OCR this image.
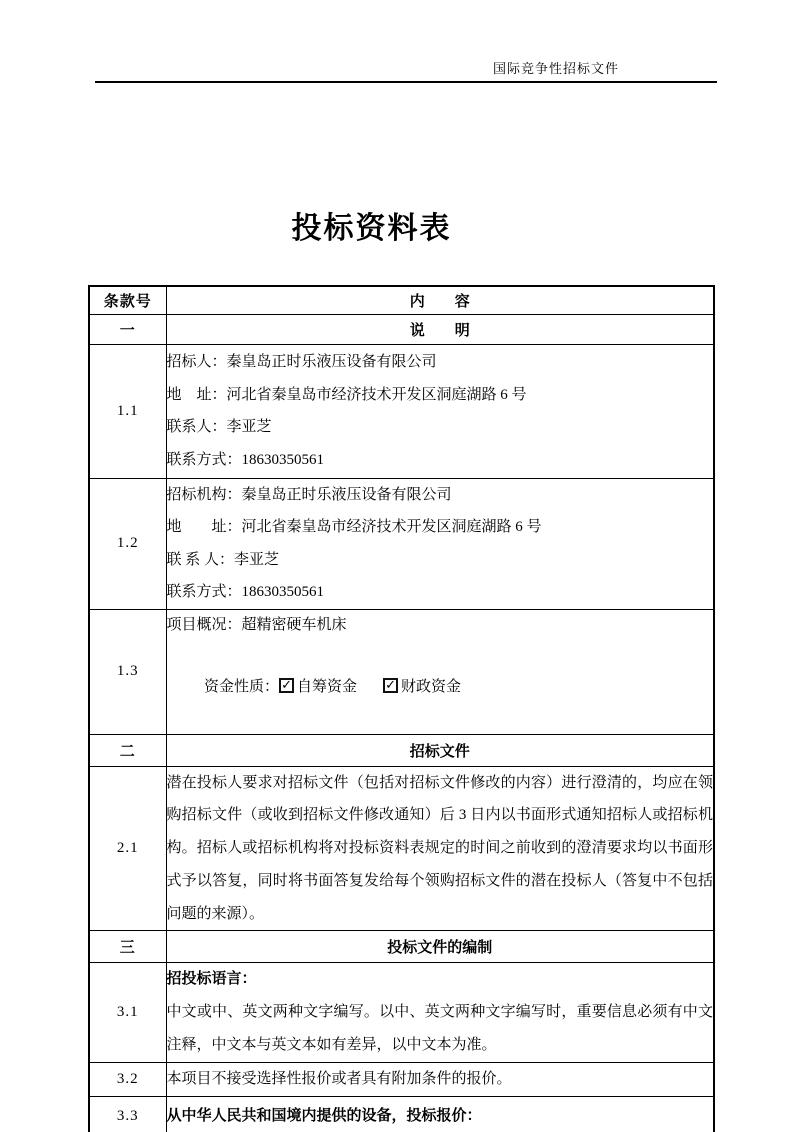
国际竞争性招标文件
投标资料表
条款号	内　　容
一	说　　明
1.1	招标人：秦皇岛正时乐液压设备有限公司
地　址：河北省秦皇岛市经济技术开发区洞庭湖路 6 号
联系人：李亚芝
联系方式：18630350561

1.2	招标机构：秦皇岛正时乐液压设备有限公司
地　　址：河北省秦皇岛市经济技术开发区洞庭湖路 6 号
联 系 人：李亚芝
联系方式：18630350561

1.3	项目概况：超精密硬车机床

资金性质： ✓ 自筹资金 ✓ 财政资金

二	招标文件
2.1	潜在投标人要求对招标文件（包括对招标文件修改的内容）进行澄清的，均应在领购招标文件（或收到招标文件修改通知）后 3 日内以书面形式通知招标人或招标机构。招标人或招标机构将对投标资料表规定的时间之前收到的澄清要求均以书面形式予以答复，同时将书面答复发给每个领购招标文件的潜在投标人（答复中不包括问题的来源）。

三	投标文件的编制
3.1	招投标语言：
中文或中、英文两种文字编写。以中、英文两种文字编写时，重要信息必须有中文注释，中文本与英文本如有差异，以中文本为准。

3.2	本项目不接受选择性报价或者具有附加条件的报价。

3.3	从中华人民共和国境内提供的设备，投标报价：
